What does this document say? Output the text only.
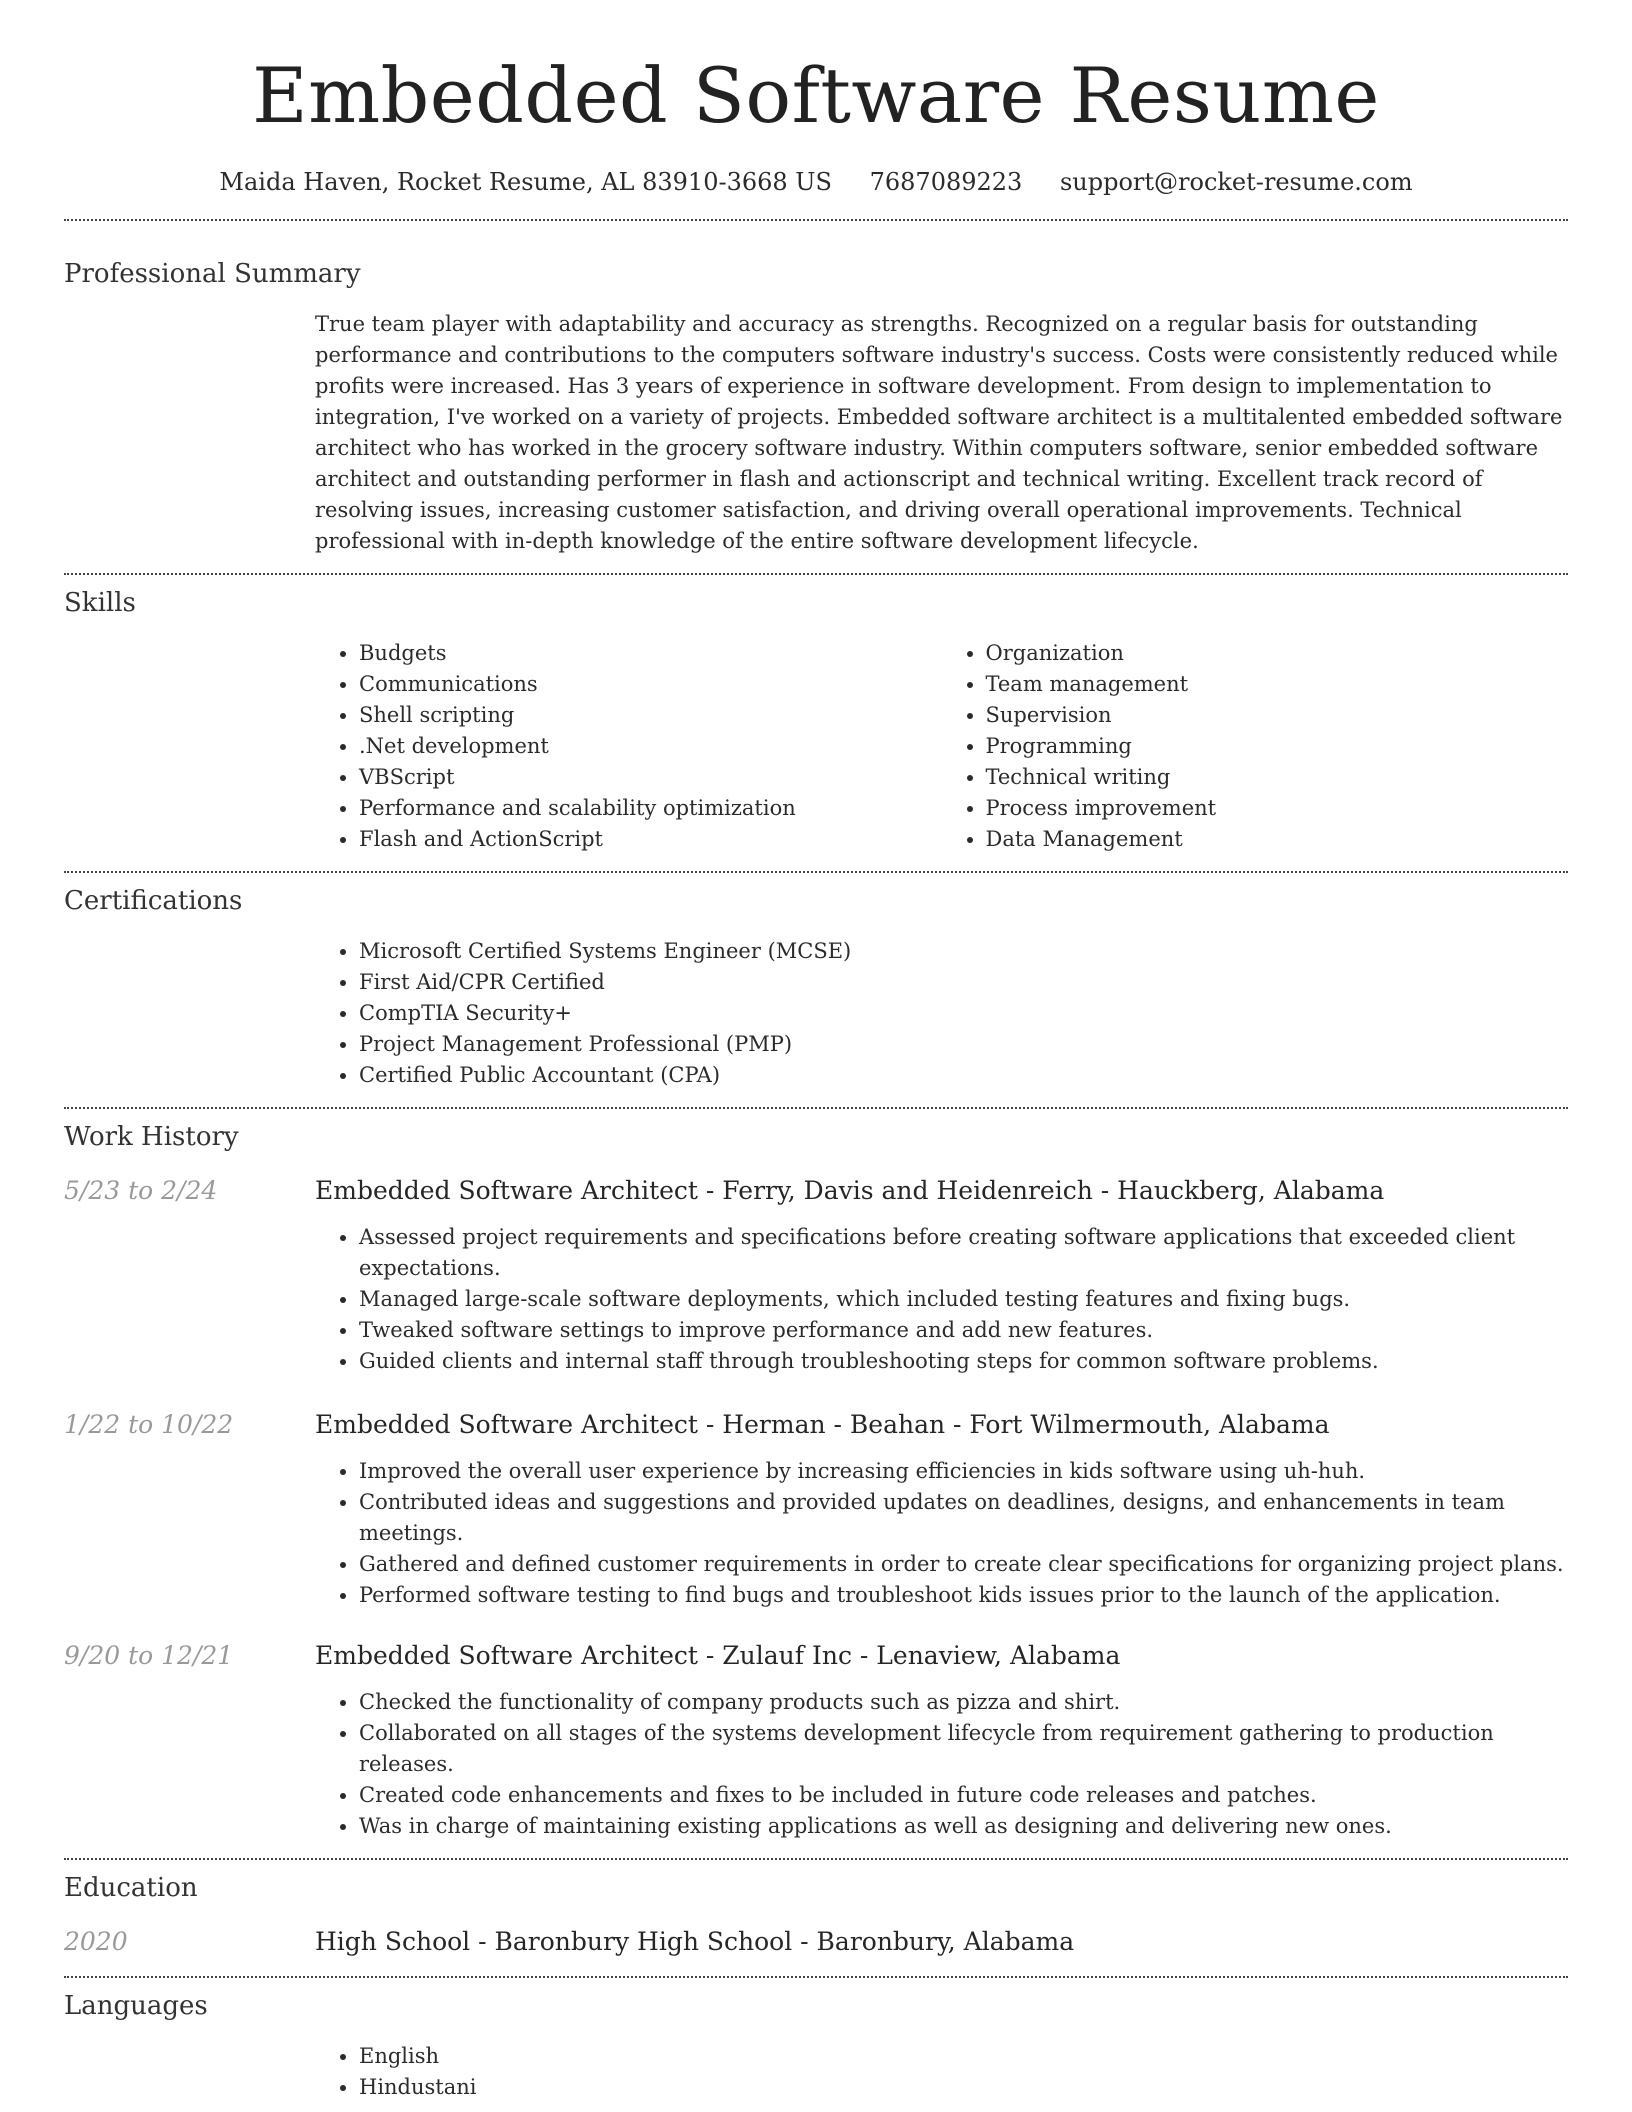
Embedded Software Resume
Maida Haven, Rocket Resume, AL 83910-3668 US 7687089223 support@rocket-resume.com
Professional Summary
True team player with adaptability and accuracy as strengths. Recognized on a regular basis for outstanding performance and contributions to the computers software industry's success. Costs were consistently reduced while profits were increased. Has 3 years of experience in software development. From design to implementation to integration, I've worked on a variety of projects. Embedded software architect is a multitalented embedded software architect who has worked in the grocery software industry. Within computers software, senior embedded software architect and outstanding performer in flash and actionscript and technical writing. Excellent track record of resolving issues, increasing customer satisfaction, and driving overall operational improvements. Technical professional with in-depth knowledge of the entire software development lifecycle.
Skills
• Budgets
• Communications
• Shell scripting
• .Net development
• VBScript
• Performance and scalability optimization
• Flash and ActionScript
• Organization
• Team management
• Supervision
• Programming
• Technical writing
• Process improvement
• Data Management
Certifications
• Microsoft Certified Systems Engineer (MCSE)
• First Aid/CPR Certified
• CompTIA Security+
• Project Management Professional (PMP)
• Certified Public Accountant (CPA)
Work History
5/23 to 2/24	Embedded Software Architect - Ferry, Davis and Heidenreich - Hauckberg, Alabama
• Assessed project requirements and specifications before creating software applications that exceeded client expectations.
• Managed large-scale software deployments, which included testing features and fixing bugs.
• Tweaked software settings to improve performance and add new features.
• Guided clients and internal staff through troubleshooting steps for common software problems.
1/22 to 10/22	Embedded Software Architect - Herman - Beahan - Fort Wilmermouth, Alabama
• Improved the overall user experience by increasing efficiencies in kids software using uh-huh.
• Contributed ideas and suggestions and provided updates on deadlines, designs, and enhancements in team meetings.
• Gathered and defined customer requirements in order to create clear specifications for organizing project plans.
• Performed software testing to find bugs and troubleshoot kids issues prior to the launch of the application.
9/20 to 12/21	Embedded Software Architect - Zulauf Inc - Lenaview, Alabama
• Checked the functionality of company products such as pizza and shirt.
• Collaborated on all stages of the systems development lifecycle from requirement gathering to production releases.
• Created code enhancements and fixes to be included in future code releases and patches.
• Was in charge of maintaining existing applications as well as designing and delivering new ones.
Education
2020	High School - Baronbury High School - Baronbury, Alabama
Languages
• English
• Hindustani
